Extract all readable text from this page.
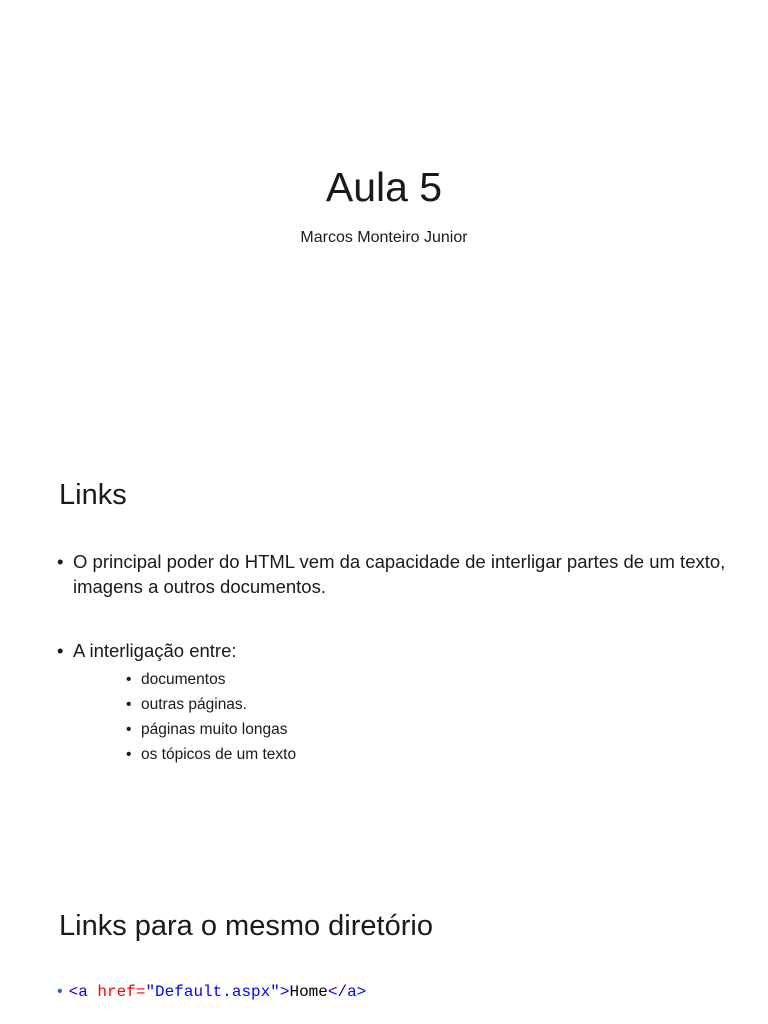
Aula 5

Marcos Monteiro Junior

Links
• O principal poder do HTML vem da capacidade de interligar partes de um texto, imagens a outros documentos.
• A interligação entre:
• documentos
• outras páginas.
• páginas muito longas
• os tópicos de um texto
Links para o mesmo diretório
• <a href="Default.aspx">Home</a>
